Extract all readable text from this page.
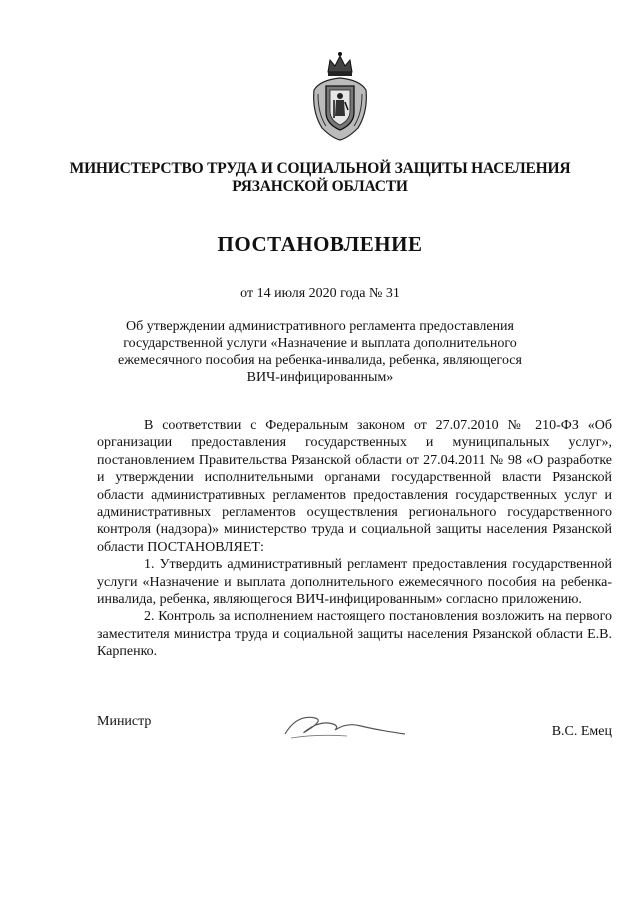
МИНИСТЕРСТВО ТРУДА И СОЦИАЛЬНОЙ ЗАЩИТЫ НАСЕЛЕНИЯ
РЯЗАНСКОЙ ОБЛАСТИ
ПОСТАНОВЛЕНИЕ
от 14 июля 2020 года № 31
Об утверждении административного регламента предоставления государственной услуги «Назначение и выплата дополнительного ежемесячного пособия на ребенка-инвалида, ребенка, являющегося ВИЧ-инфицированным»

В соответствии с Федеральным законом от 27.07.2010 № 210-ФЗ «Об организации предоставления государственных и муниципальных услуг», постановлением Правительства Рязанской области от 27.04.2011 № 98 «О разработке и утверждении исполнительными органами государственной власти Рязанской области административных регламентов предоставления государственных услуг и административных регламентов осуществления регионального государственного контроля (надзора)» министерство труда и социальной защиты населения Рязанской области ПОСТАНОВЛЯЕТ:

1. Утвердить административный регламент предоставления государственной услуги «Назначение и выплата дополнительного ежемесячного пособия на ребенка-инвалида, ребенка, являющегося ВИЧ-инфицированным» согласно приложению.

2. Контроль за исполнением настоящего постановления возложить на первого заместителя министра труда и социальной защиты населения Рязанской области Е.В. Карпенко.

Министр
В.С. Емец
